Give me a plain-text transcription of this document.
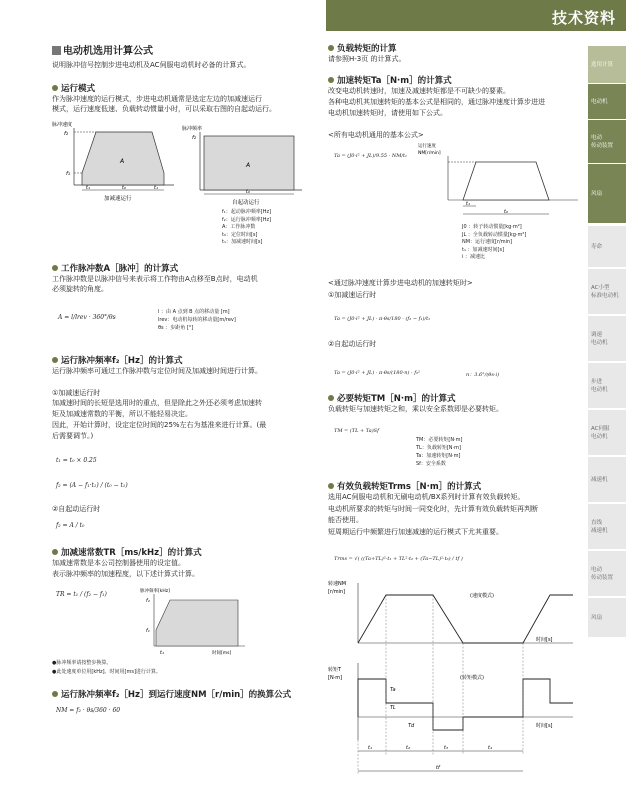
技术资料
选用计算
电动机
电动
传动装置
风扇
寿命
AC小型
标准电动机
调速
电动机
步进
电动机
AC伺服
电动机
减速机
直线
减速机
电动
传动装置
风扇
电动机选用计算公式
说明脉冲信号控制步进电动机及AC伺服电动机时必备的计算式。
运行模式
作为脉冲速度的运行模式，步进电动机通常是选定左边的加减速运行
模式，运行速度低速、负载转动惯量小时，可以采取右图的自起动运行。
脉冲速度
f₂
f₁
A
t₁	t₀	t₁
加减速运行
脉冲频率
f₂
A
t₀
自起动运行
f₁：起动脉冲频率[Hz]
f₂：运行脉冲频率[Hz]
A：工作脉冲数
t₀：定位时间[s]
t₁：加减速时间[s]
工作脉冲数A［脉冲］的计算式
工作脉冲数是以脉冲信号来表示将工作物由A点移至B点时，电动机
必须旋转的角度。
A = l/lrev · 360°/θs
l ：由 A 点到 B 点的移动量 [m]
lrev：电动机每转的移动量[m/rev]
θs ：步距角 [°]
运行脉冲频率f₂［Hz］的计算式
运行脉冲频率可通过工作脉冲数与定位时间及加减速时间进行计算。
①加减速运行时
加减速时间的长短是选用时的重点，但是除此之外还必须考虑加速转
矩及加减速常数的平衡，所以不能轻易决定。
因此，开始计算时，设定定位时间的25%左右为基准来进行计算。(最
后需要调节。)
t₁ = t₀ × 0.25
f₂ = (A − f₁·t₁) / (t₀ − t₁)
②自起动运行时
f₂ = A / t₀
加减速常数TR［ms/kHz］的计算式
加减速常数是本公司控制器使用的设定值。
表示脉冲频率的加速程度，以下述计算式计算。
TR = t₁ / (f₂ − f₁)	脉冲频率[kHz]
f₂
f₁
t₁	时间[ms]
●脉冲频率请按整步换算。
●此处速度单位用[kHz]、时间用[ms]进行计算。
运行脉冲频率f₂［Hz］到运行速度NM［r/min］的换算公式
NM = f₂ · θs/360 · 60
负载转矩的计算
请参照H-3页 的计算式。
加速转矩Ta［N·m］的计算式
改变电动机转速时，加速及减速转矩都是不可缺少的要素。
各种电动机其加速转矩的基本公式是相同的，通过脉冲速度计算步进进
电动机加速转矩时，请使用如下公式。
<所有电动机通用的基本公式>
Ta = (J0·i² + JL)/9.55 · NM/t₁
运行速度
NM[r/min]
t₁
t₀
J0 ：转子转动惯量[kg·m²]
JL ：全负载转动惯量[kg·m²]
NM：运行速度[r/min]
t₁ ：加减速时间[s]
i ：减速比
<通过脉冲速度计算步进电动机的加速转矩时>
①加减速运行时
Ta = (J0·i² + JL) · π·θs/180 · (f₂ − f₁)/t₁
②自起动运行时
Ta = (J0·i² + JL) · π·θs/(180·n) · f₂²	n：3.6°/(θs·i)
必要转矩TM［N·m］的计算式
负载转矩与加速转矩之和，乘以安全系数即是必要转矩。
TM = (TL + Ta)Sf
TM：必要转矩[N·m]
TL：负载转矩[N·m]
Ta：加速转矩[N·m]
Sf：安全系数
有效负载转矩Trms［N·m］的计算式
选用AC伺服电动机和无刷电动机/BX系列时计算有效负载转矩。
电动机所要求的转矩与时间一同变化时，先计算有效负载转矩再判断
能否使用。
短周期运行中频繁进行加速减速的运行模式下尤其重要。
Trms = √( ((Ta+TL)²·t₁ + TL²·t₂ + (Ta−TL)²·t₃) / tf )
转速NM
[r/min]
(速度模式)
时间[s]
转矩T
[N·m]	(转矩模式)
Ta
TL
Td	时间[s]
t₁	t₂	t₃	t₄
tf
